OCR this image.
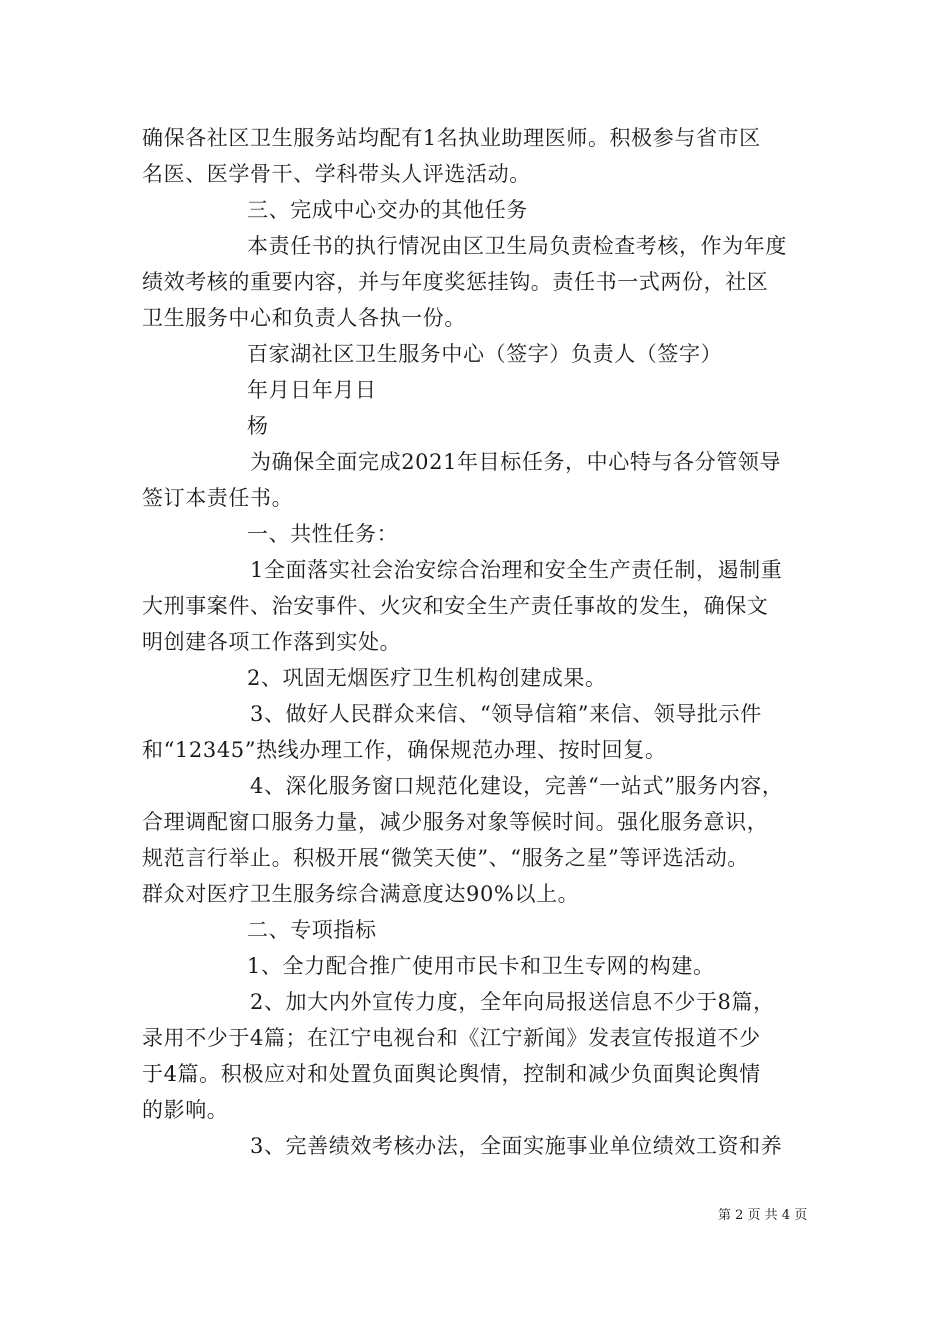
确保各社区卫生服务站均配有1名执业助理医师。积极参与省市区
名医、医学骨干、学科带头人评选活动。
三、完成中心交办的其他任务
本责任书的执行情况由区卫生局负责检查考核，作为年度
绩效考核的重要内容，并与年度奖惩挂钩。责任书一式两份，社区
卫生服务中心和负责人各执一份。
百家湖社区卫生服务中心（签字）负责人（签字）
年月日年月日
杨
为确保全面完成2021年目标任务，中心特与各分管领导
签订本责任书。
一、共性任务：
1全面落实社会治安综合治理和安全生产责任制，遏制重
大刑事案件、治安事件、火灾和安全生产责任事故的发生，确保文
明创建各项工作落到实处。
2、巩固无烟医疗卫生机构创建成果。
3、做好人民群众来信、“领导信箱”来信、领导批示件
和“12345”热线办理工作，确保规范办理、按时回复。
4、深化服务窗口规范化建设，完善“一站式”服务内容，
合理调配窗口服务力量，减少服务对象等候时间。强化服务意识，
规范言行举止。积极开展“微笑天使”、“服务之星”等评选活动。
群众对医疗卫生服务综合满意度达90%以上。
二、专项指标
1、全力配合推广使用市民卡和卫生专网的构建。
2、加大内外宣传力度，全年向局报送信息不少于8篇，
录用不少于4篇；在江宁电视台和《江宁新闻》发表宣传报道不少
于4篇。积极应对和处置负面舆论舆情，控制和减少负面舆论舆情
的影响。
3、完善绩效考核办法，全面实施事业单位绩效工资和养
第 2 页 共 4 页
